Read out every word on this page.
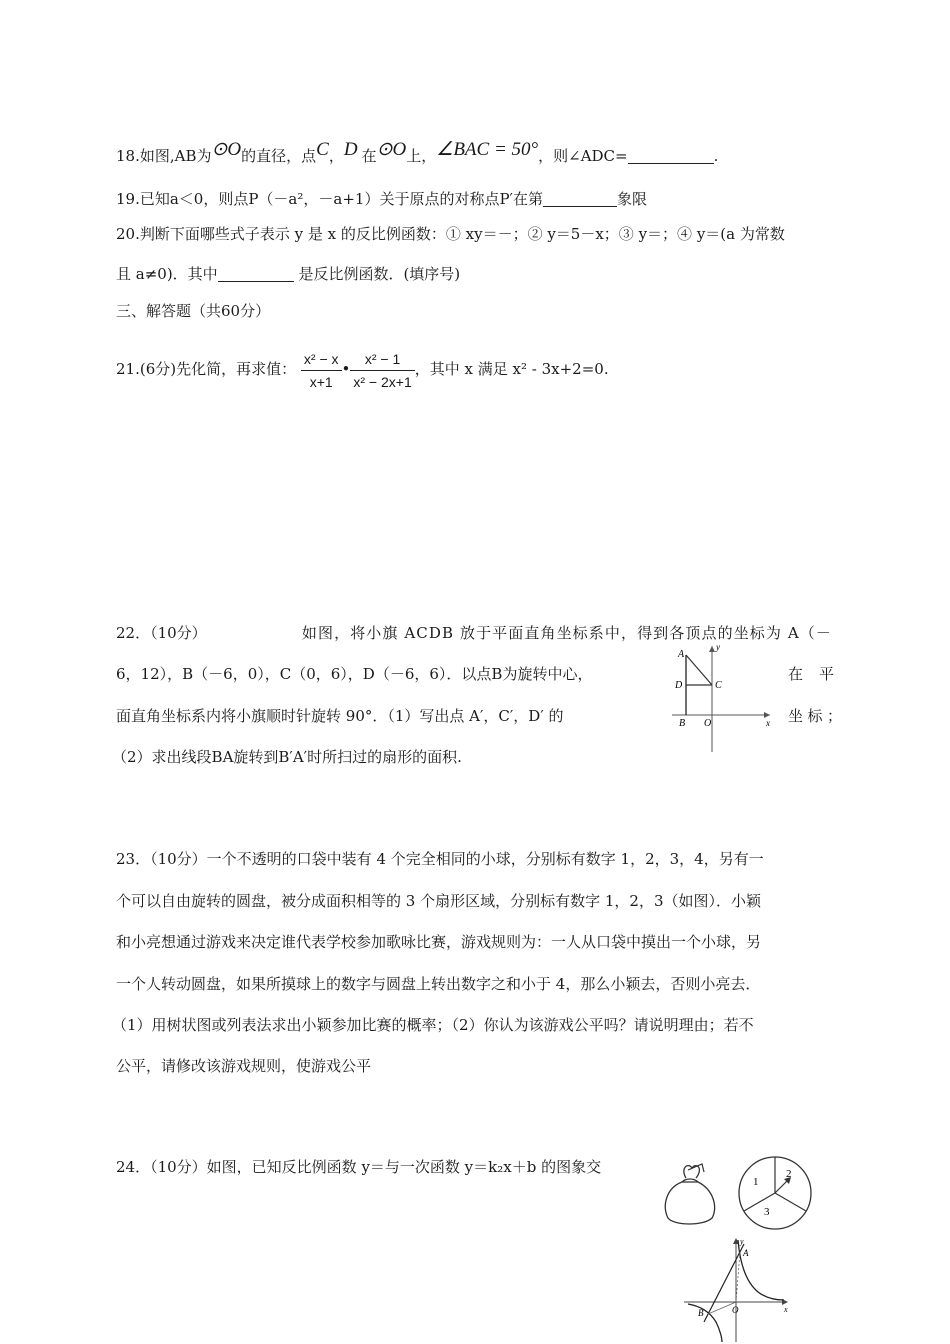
18.如图,AB为⊙O的直径，点C，D 在⊙O上，∠BAC = 50°，则∠ADC=	.
19.已知a＜0，则点P（－a²，－a+1）关于原点的对称点P′在第	象限
20.判断下面哪些式子表示 y 是 x 的反比例函数：① xy＝－；② y＝5－x；③ y＝；④ y＝(a 为常数
且 a≠0)．其中	是反比例函数．(填序号)
三、解答题（共60分）
21.(6分)先化简，再求值： $\frac{\text{x² − x}}{x+1}$ • $\frac{\text{x² − 1}}{\text{x² − 2x+1}}$ ，其中 x 满足 x² - 3x+2=0.
22．（10分）	如图，将小旗 ACDB 放于平面直角坐标系中，得到各顶点的坐标为 A（－
6，12），B（－6，0），C（0，6），D（－6，6）．以点B为旋转中心，	在 平
面直角坐标系内将小旗顺时针旋转 90°．（1）写出点 A′，C′，D′ 的	坐 标 ；
（2）求出线段BA旋转到B′A′时所扫过的扇形的面积.
A
D	C
B O	x
y
23．（10分）一个不透明的口袋中装有 4 个完全相同的小球，分别标有数字 1，2，3，4，另有一
个可以自由旋转的圆盘，被分成面积相等的 3 个扇形区域，分别标有数字 1，2，3（如图）．小颖
和小亮想通过游戏来决定谁代表学校参加歌咏比赛，游戏规则为：一人从口袋中摸出一个小球，另
一个人转动圆盘，如果所摸球上的数字与圆盘上转出数字之和小于 4，那么小颖去，否则小亮去．
（1）用树状图或列表法求出小颖参加比赛的概率；（2）你认为该游戏公平吗？请说明理由；若不
公平，请修改该游戏规则，使游戏公平
24．（10分）如图，已知反比例函数 y＝与一次函数 y＝k₂x＋b 的图象交
1
2
3
A
B	O	x
y
